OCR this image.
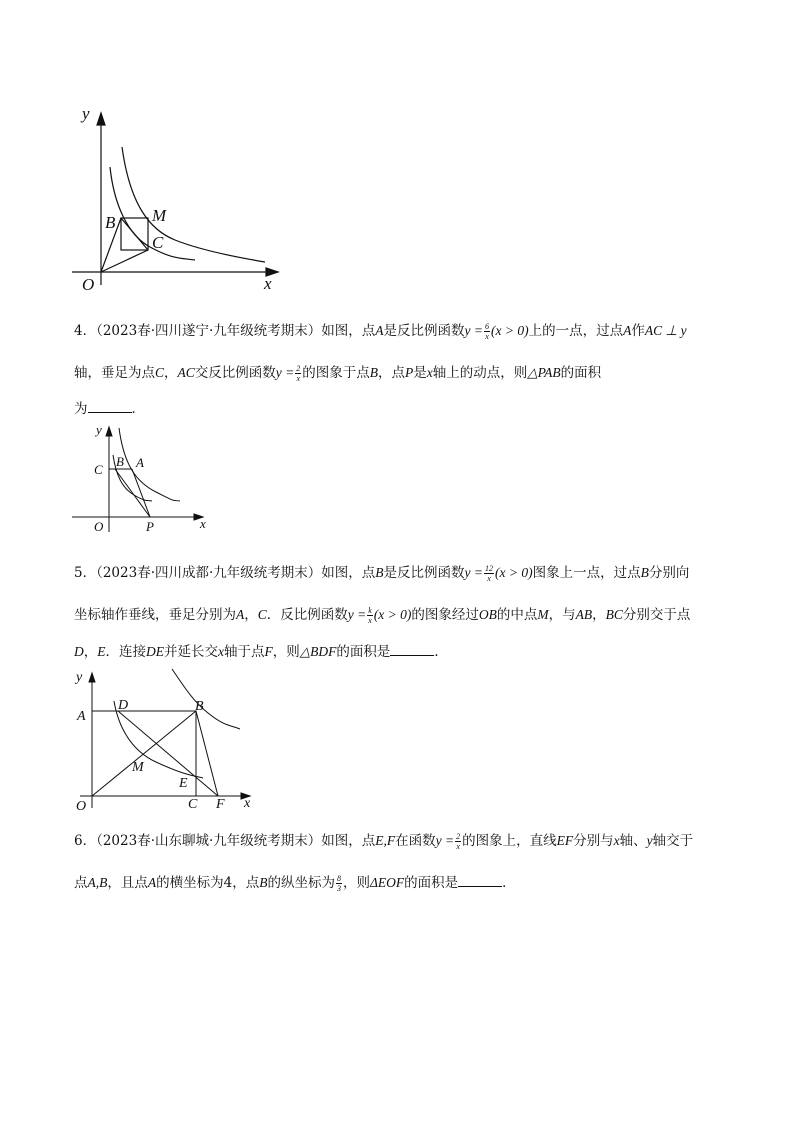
y
x
O
B M
C
4．（2023春·四川遂宁·九年级统考期末）如图，点A是反比例函数$y = \frac{6}{x} (x > 0)$上的一点，过点A作AC ⊥ y
轴，垂足为点C，AC交反比例函数$y = \frac{2}{x}$ 的图象于点B，点P是x轴上的动点，则△PAB的面积
为	．
y
x
O
C
B A
P
5．（2023春·四川成都·九年级统考期末）如图，点B是反比例函数$y = \frac{12}{x} (x > 0)$图象上一点，过点B分别向
坐标轴作垂线，垂足分别为A，C．反比例函数$y = \frac{k}{x} (x > 0)$的图象经过OB的中点M，与AB，BC分别交于点
D，E．连接DE并延长交x轴于点F，则△BDF的面积是	．
y
x
O
A
D	B
M
E
C F
6．（2023春·山东聊城·九年级统考期末）如图，点E,F在函数$y = \frac{2}{x}$ 的图象上，直线EF分别与x轴、y轴交于
点A,B，且点A的横坐标为4，点B的纵坐标为 $\frac{8}{3}$ ，则ΔEOF的面积是	．
